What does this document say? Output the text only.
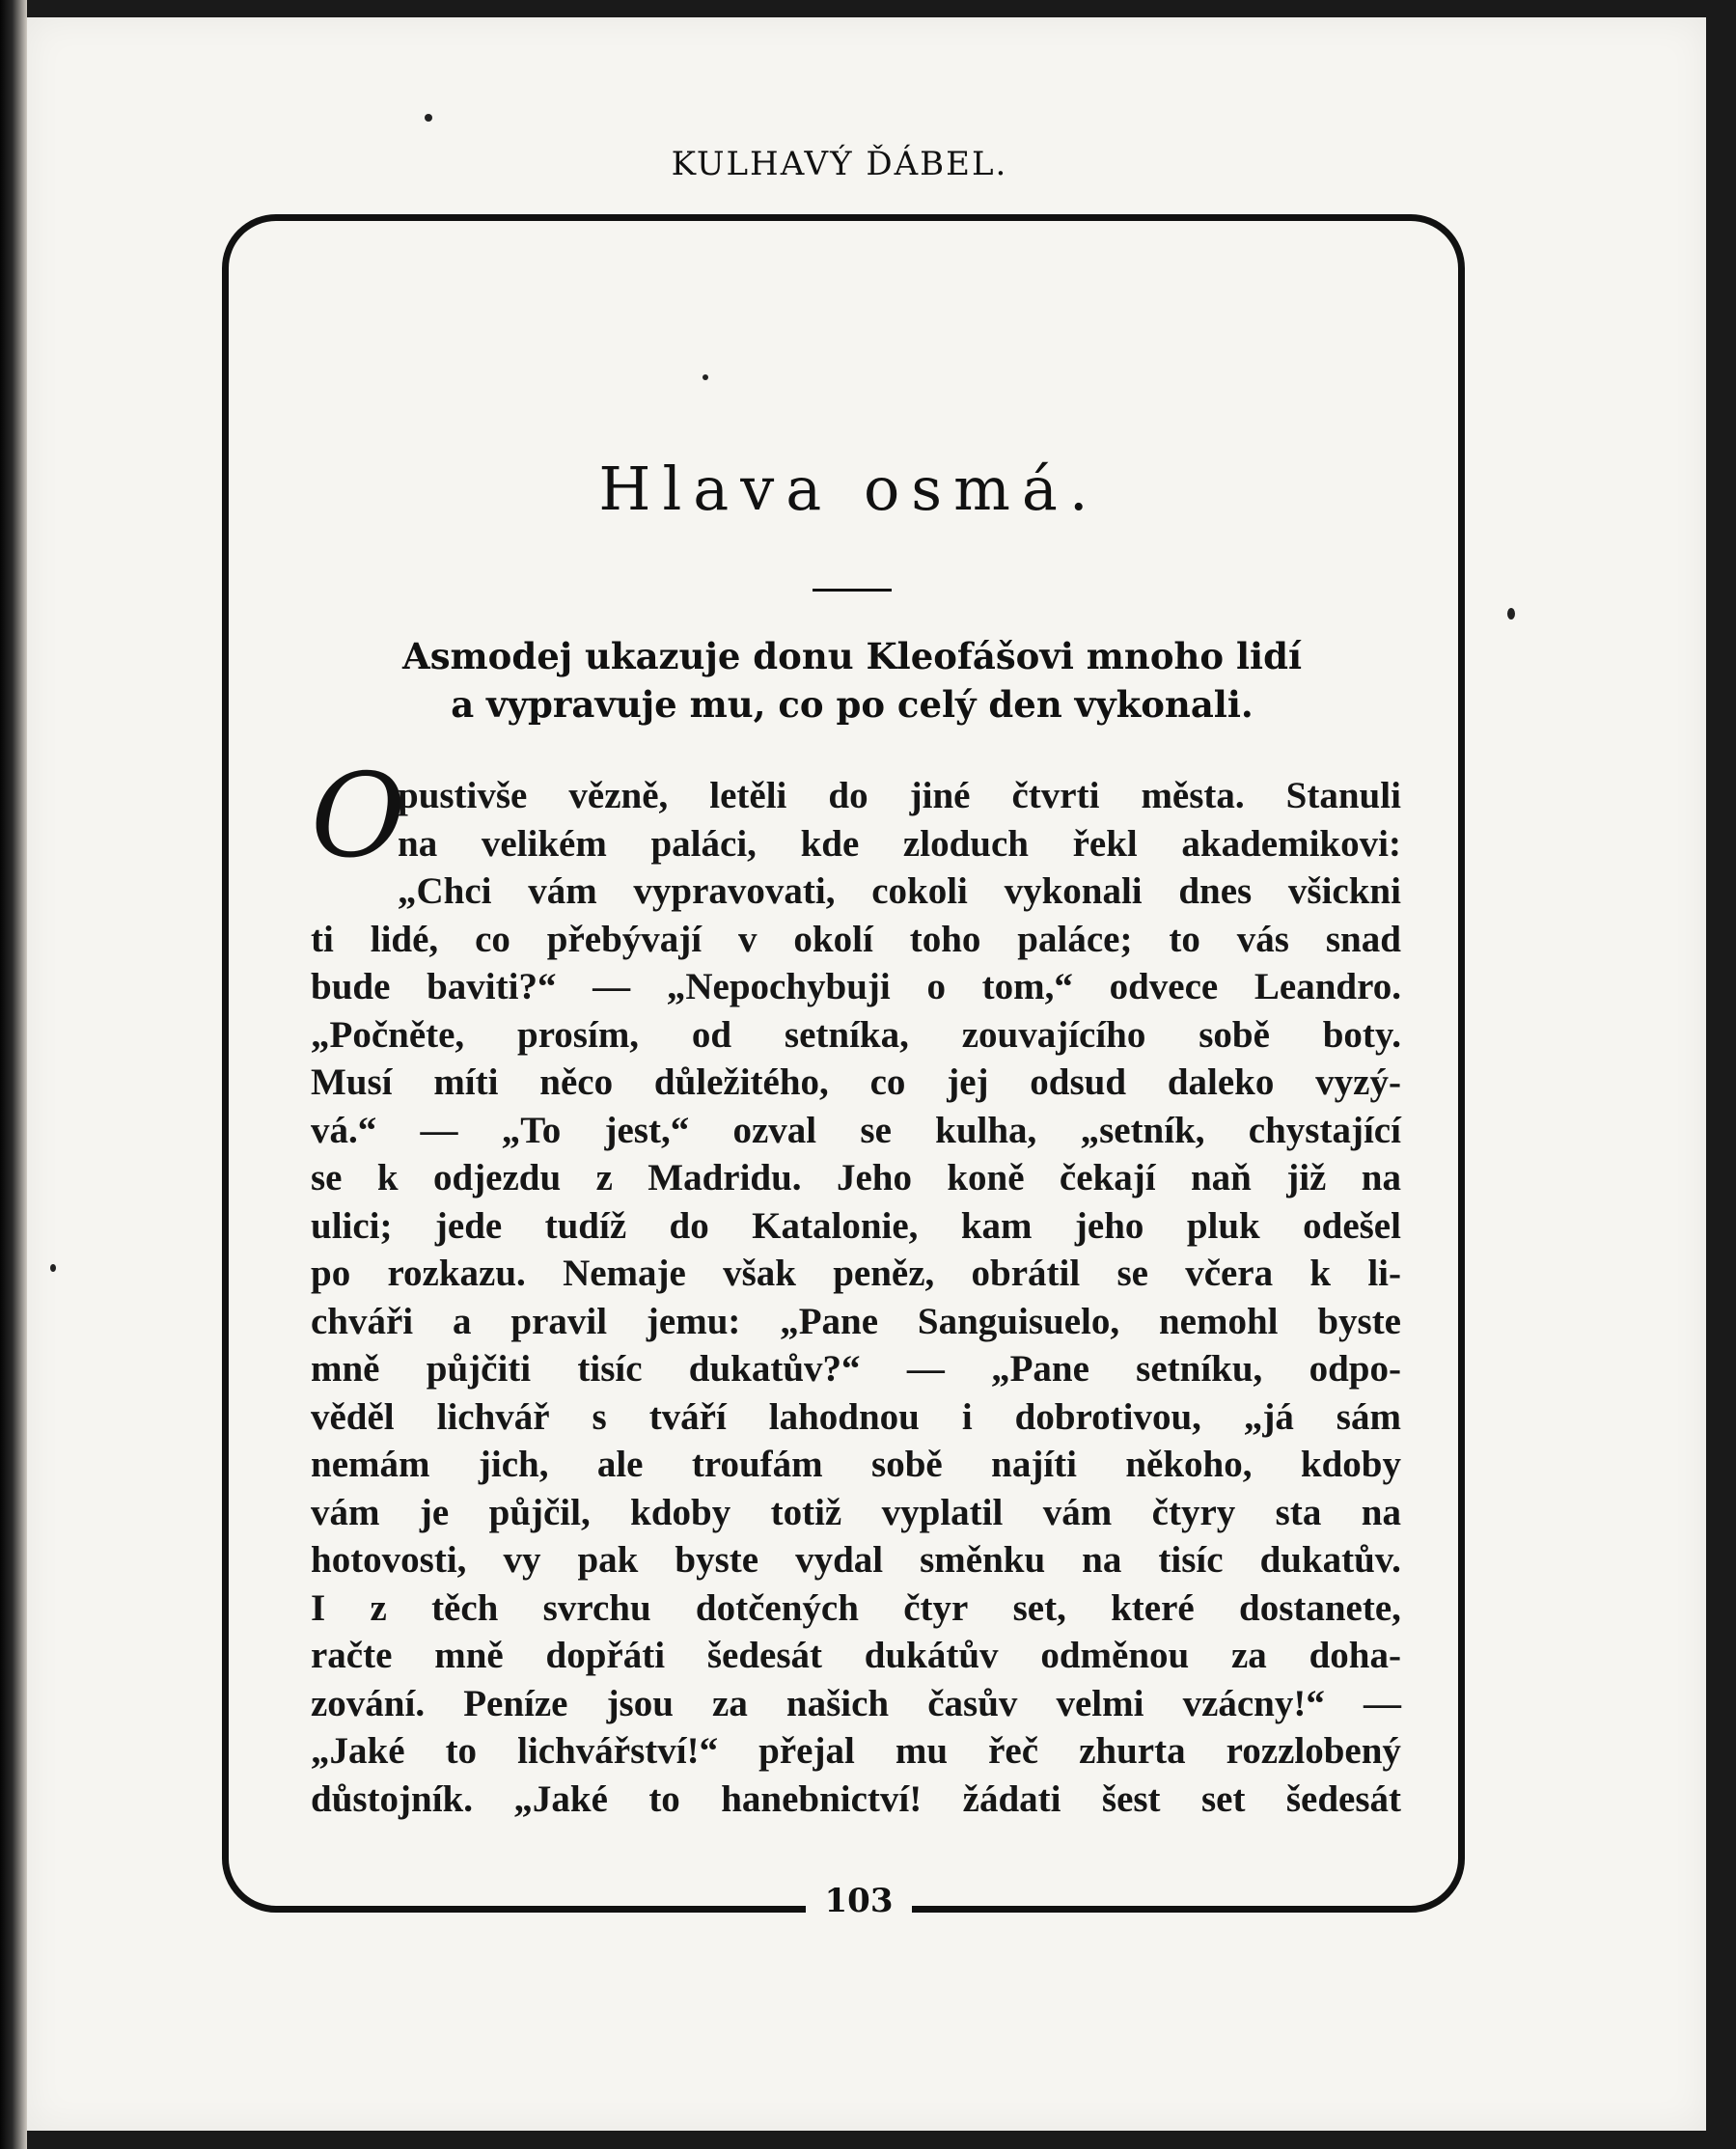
KULHAVÝ ĎÁBEL.
103
Hlava osmá.
Asmodej ukazuje donu Kleofášovi mnoho lidí
a vypravuje mu, co po celý den vykonali.
O
pustivše vězně, letěli do jiné čtvrti města. Stanuli
na velikém paláci, kde zloduch řekl akademikovi:
„Chci vám vypravovati, cokoli vykonali dnes všickni
ti lidé, co přebývají v okolí toho paláce; to vás snad
bude baviti?“ — „Nepochybuji o tom,“ odvece Leandro.
„Počněte, prosím, od setníka, zouvajícího sobě boty.
Musí míti něco důležitého, co jej odsud daleko vyzý-
vá.“ — „To jest,“ ozval se kulha, „setník, chystající
se k odjezdu z Madridu. Jeho koně čekají naň již na
ulici; jede tudíž do Katalonie, kam jeho pluk odešel
po rozkazu. Nemaje však peněz, obrátil se včera k li-
chváři a pravil jemu: „Pane Sanguisuelo, nemohl byste
mně půjčiti tisíc dukatův?“ — „Pane setníku, odpo-
věděl lichvář s tváří lahodnou i dobrotivou, „já sám
nemám jich, ale troufám sobě najíti někoho, kdoby
vám je půjčil, kdoby totiž vyplatil vám čtyry sta na
hotovosti, vy pak byste vydal směnku na tisíc dukatův.
I z těch svrchu dotčených čtyr set, které dostanete,
račte mně dopřáti šedesát dukátův odměnou za doha-
zování. Peníze jsou za našich časův velmi vzácny!“ —
„Jaké to lichvářství!“ přejal mu řeč zhurta rozzlobený
důstojník. „Jaké to hanebnictví! žádati šest set šedesát
